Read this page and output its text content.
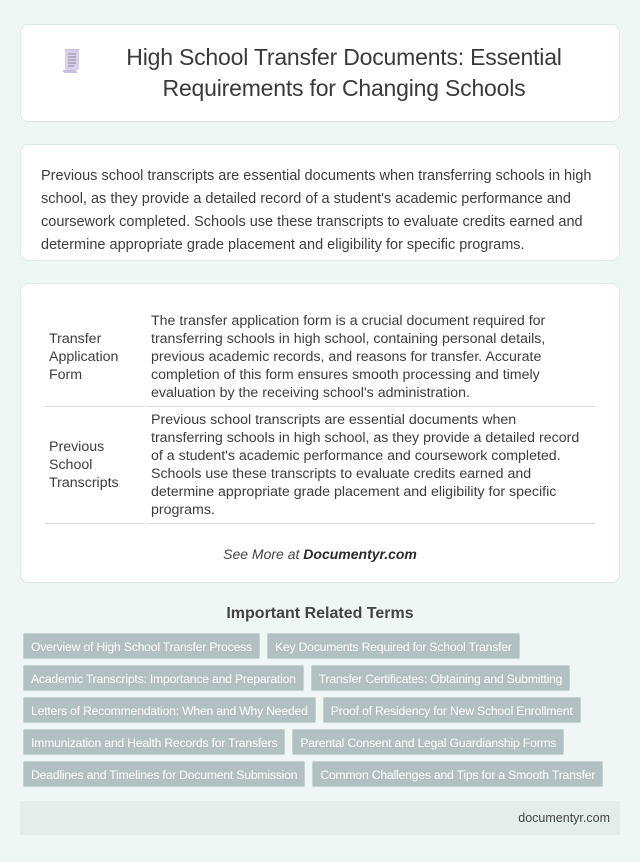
High School Transfer Documents: Essential Requirements for Changing Schools

Previous school transcripts are essential documents when transferring schools in high school, as they provide a detailed record of a student's academic performance and coursework completed. Schools use these transcripts to evaluate credits earned and determine appropriate grade placement and eligibility for specific programs.

Transfer Application Form	The transfer application form is a crucial document required for transferring schools in high school, containing personal details, previous academic records, and reasons for transfer. Accurate completion of this form ensures smooth processing and timely evaluation by the receiving school's administration.
Previous School Transcripts	Previous school transcripts are essential documents when transferring schools in high school, as they provide a detailed record of a student's academic performance and coursework completed. Schools use these transcripts to evaluate credits earned and determine appropriate grade placement and eligibility for specific programs.
See More at Documentyr.com
Important Related Terms
Overview of High School Transfer Process	Key Documents Required for School Transfer
Academic Transcripts: Importance and Preparation	Transfer Certificates: Obtaining and Submitting
Letters of Recommendation: When and Why Needed	Proof of Residency for New School Enrollment
Immunization and Health Records for Transfers	Parental Consent and Legal Guardianship Forms
Deadlines and Timelines for Document Submission	Common Challenges and Tips for a Smooth Transfer
documentyr.com
